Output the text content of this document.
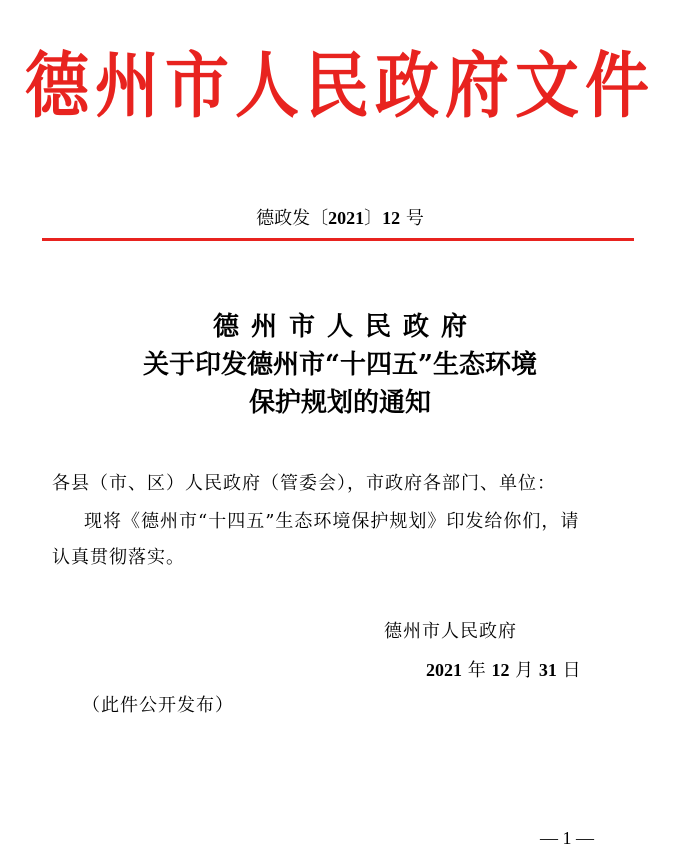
德州市人民政府文件
德政发〔2021〕12 号
德州市人民政府
关于印发德州市“十四五”生态环境
保护规划的通知
各县（市、区）人民政府（管委会），市政府各部门、单位：
现将《德州市“十四五”生态环境保护规划》印发给你们，请
认真贯彻落实。
德州市人民政府
2021 年 12 月 31 日
（此件公开发布）
— 1 —
